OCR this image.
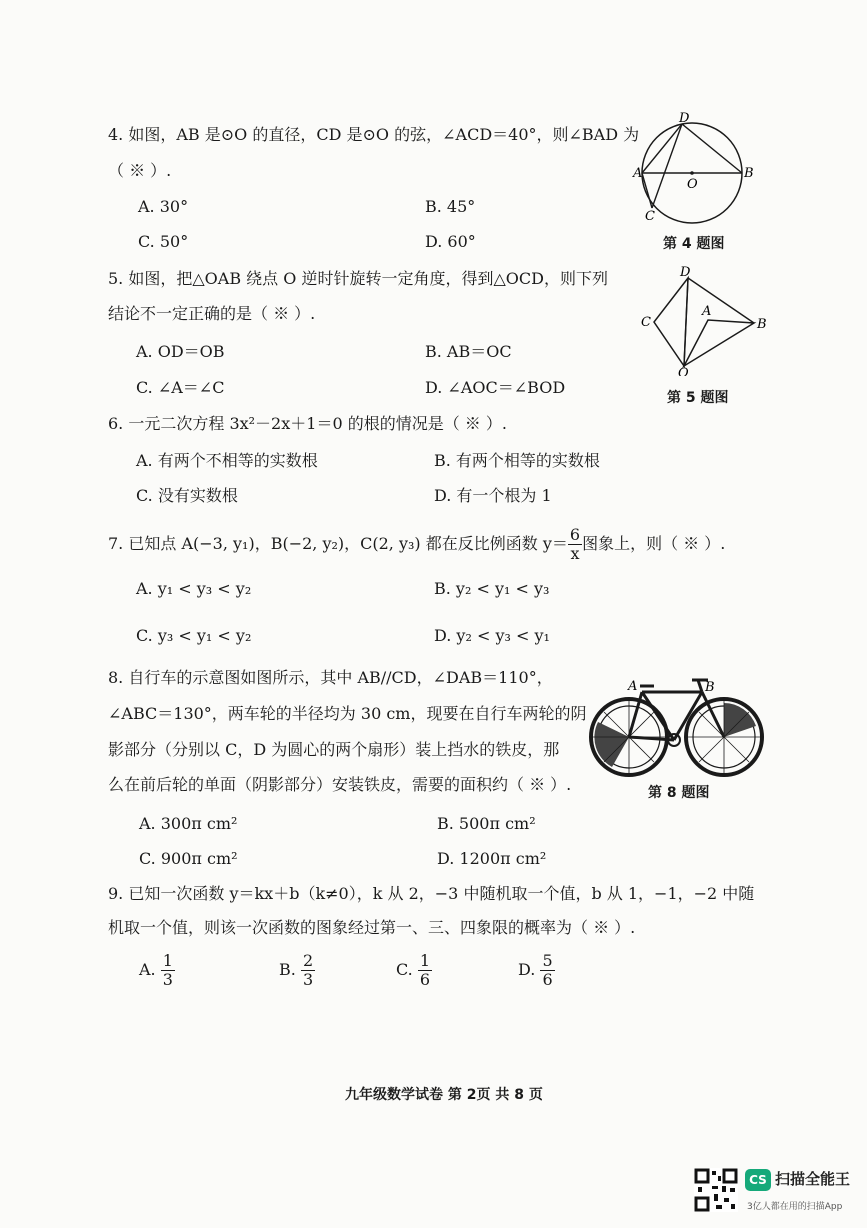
4. 如图，AB 是⊙O 的直径，CD 是⊙O 的弦，∠ACD＝40°，则∠BAD 为
（ ※ ）.
A. 30°	B. 45°
C. 50°	D. 60°
D
A
O
B
C
第 4 题图
5. 如图，把△OAB 绕点 O 逆时针旋转一定角度，得到△OCD，则下列
结论不一定正确的是（ ※ ）.
A. OD＝OB	B. AB＝OC
C. ∠A＝∠C	D. ∠AOC＝∠BOD
D
A
C	B
O
第 5 题图
6. 一元二次方程 3x²－2x＋1＝0 的根的情况是（ ※ ）.
A. 有两个不相等的实数根	B. 有两个相等的实数根
C. 没有实数根	D. 有一个根为 1
7. 已知点 A(−3, y₁)，B(−2, y₂)，C(2, y₃) 都在反比例函数 $y= \frac{6}{x}$ 图象上，则（ ※ ）.
A. y₁ < y₃ < y₂	B. y₂ < y₁ < y₃
C. y₃ < y₁ < y₂	D. y₂ < y₃ < y₁
8. 自行车的示意图如图所示，其中 AB//CD，∠DAB＝110°，
∠ABC＝130°，两车轮的半径均为 30 cm，现要在自行车两轮的阴
影部分（分别以 C，D 为圆心的两个扇形）装上挡水的铁皮，那
么在前后轮的单面（阴影部分）安装铁皮，需要的面积约（ ※ ）.
A. 300π cm²	B. 500π cm²
C. 900π cm²	D. 1200π cm²
A	B
第 8 题图
9. 已知一次函数 y＝kx＋b（k≠0），k 从 2，−3 中随机取一个值，b 从 1，−1，−2 中随
机取一个值，则该一次函数的图象经过第一、三、四象限的概率为（ ※ ）.
A. $\frac{1}{3}$	B. $\frac{2}{3}$	C. $\frac{1}{6}$	D. $\frac{5}{6}$
九年级数学试卷 第 2页 共 8 页
CS 扫描全能王
3亿人都在用的扫描App
